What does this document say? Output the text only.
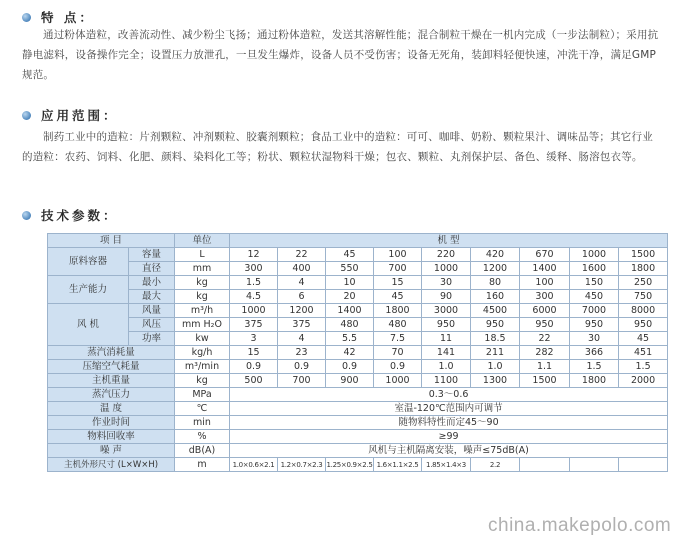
特 点：
通过粉体造粒，改善流动性、减少粉尘飞扬；通过粉体造粒，发送其溶解性能；混合制粒干燥在一机内完成（一步法制粒）；采用抗静电滤料，设备操作完全；设置压力放泄孔，一旦发生爆炸，设备人员不受伤害；设备无死角，装卸料轻便快速，冲洗干净，满足GMP规范。
应用范围：
制药工业中的造粒：片剂颗粒、冲剂颗粒、胶囊剂颗粒；食品工业中的造粒：可可、咖啡、奶粉、颗粒果汁、调味品等；其它行业的造粒：农药、饲料、化肥、颜料、染料化工等；粉状、颗粒状湿物料干燥；包衣、颗粒、丸剂保护层、备色、缓释、肠溶包衣等。
技术参数：
项 目		单位	机 型								
原料容器	容量	L	12	22	45	100	220	420	670	1000	1500
	直径	mm	300	400	550	700	1000	1200	1400	1600	1800
生产能力	最小	kg	1.5	4	10	15	30	80	100	150	250
	最大	kg	4.5	6	20	45	90	160	300	450	750
风 机	风量	m³/h	1000	1200	1400	1800	3000	4500	6000	7000	8000
	风压	mm H₂O	375	375	480	480	950	950	950	950	950
	功率	kw	3	4	5.5	7.5	11	18.5	22	30	45
蒸汽消耗量		kg/h	15	23	42	70	141	211	282	366	451
压缩空气耗量		m³/min	0.9	0.9	0.9	0.9	1.0	1.0	1.1	1.5	1.5
主机重量		kg	500	700	900	1000	1100	1300	1500	1800	2000
蒸汽压力		MPa	0.3～0.6								
温 度		℃	室温-120℃范围内可调节								
作业时间		min	随物料特性而定45～90								
物料回收率		%	≥99								
噪 声		dB(A)	风机与主机隔离安装，噪声≤75dB(A)								
主机外形尺寸 (L×W×H)		m	1.0×0.6×2.1	1.2×0.7×2.3	1.25×0.9×2.5	1.6×1.1×2.5	1.85×1.4×3	2.2			
china.makepolo.com
